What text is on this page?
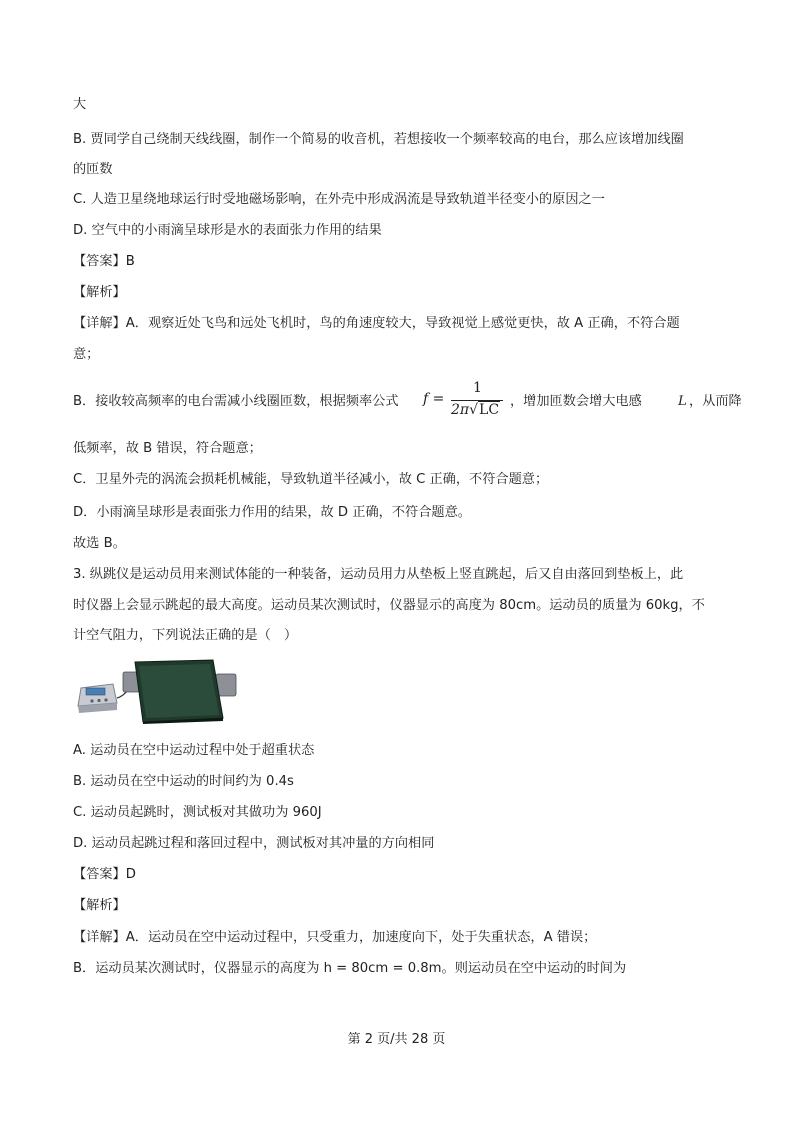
大
B. 贾同学自己绕制天线线圈，制作一个简易的收音机，若想接收一个频率较高的电台，那么应该增加线圈
的匝数
C. 人造卫星绕地球运行时受地磁场影响，在外壳中形成涡流是导致轨道半径变小的原因之一
D. 空气中的小雨滴呈球形是水的表面张力作用的结果
【答案】B
【解析】
【详解】A．观察近处飞鸟和远处飞机时，鸟的角速度较大，导致视觉上感觉更快，故 A 正确，不符合题
意；
B．接收较高频率的电台需减小线圈匝数，根据频率公式 f =
1
2π√LC
，增加匝数会增大电感	L ，从而降
低频率，故 B 错误，符合题意；
C．卫星外壳的涡流会损耗机械能，导致轨道半径减小，故 C 正确，不符合题意；
D．小雨滴呈球形是表面张力作用的结果，故 D 正确，不符合题意。
故选 B。
3. 纵跳仪是运动员用来测试体能的一种装备，运动员用力从垫板上竖直跳起，后又自由落回到垫板上，此
时仪器上会显示跳起的最大高度。运动员某次测试时，仪器显示的高度为 80cm。运动员的质量为 60kg，不
计空气阻力，下列说法正确的是（　）
A. 运动员在空中运动过程中处于超重状态
B. 运动员在空中运动的时间约为 0.4s
C. 运动员起跳时，测试板对其做功为 960J
D. 运动员起跳过程和落回过程中，测试板对其冲量的方向相同
【答案】D
【解析】
【详解】A．运动员在空中运动过程中，只受重力，加速度向下，处于失重状态，A 错误；
B．运动员某次测试时，仪器显示的高度为 h = 80cm = 0.8m。则运动员在空中运动的时间为
第 2 页/共 28 页
